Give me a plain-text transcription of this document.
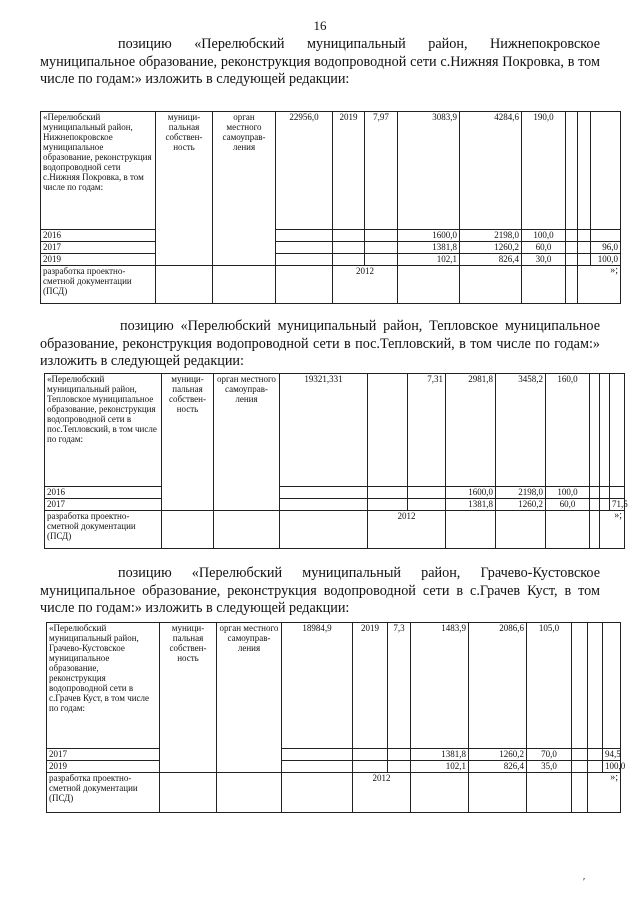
16

позицию «Перелюбский муниципальный район, Нижнепокровское муниципальное образование, реконструкция водопроводной сети с.Нижняя Покровка, в том числе по годам:» изложить в следующей редакции:

позицию «Перелюбский муниципальный район, Тепловское муниципальное образование, реконструкция водопроводной сети в пос.Тепловский, в том числе по годам:» изложить в следующей редакции:

позицию «Перелюбский муниципальный район, Грачево-Кустовское муниципальное образование, реконструкция водопроводной сети в с.Грачев Куст, в том числе по годам:» изложить в следующей редакции:

«Перелюбский муниципальный район, Нижнепокровское муниципальное образование, реконструкция водопроводной сети с.Нижняя Покровка, в том числе по годам:	муници-пальная собствен-ность	орган местного самоуправ-ления	22956,0	2019	7,97	3083,9	4284,6	190,0			
2016						1600,0	2198,0	100,0			
2017						1381,8	1260,2	60,0			96,0
2019						102,1	826,4	30,0			100,0
разработка проектно-сметной документации (ПСД)				2012						»;	
«Перелюбский муниципальный район, Тепловское муниципальное образование, реконструкция водопроводной сети в пос.Тепловский, в том числе по годам:	муници-пальная собствен-ность	орган местного самоуправ-ления	19321,331		7,31	2981,8	3458,2	160,0			
2016						1600,0	2198,0	100,0			
2017						1381,8	1260,2	60,0			71,5
разработка проектно-сметной документации (ПСД)				2012						»;	
«Перелюбский муниципальный район, Грачево-Кустовское муниципальное образование, реконструкция водопроводной сети в с.Грачев Куст, в том числе по годам:	муници-пальная собствен-ность	орган местного самоуправ-ления	18984,9	2019	7,3	1483,9	2086,6	105,0			
2017						1381,8	1260,2	70,0			94,5
2019						102,1	826,4	35,0			100,0
разработка проектно-сметной документации (ПСД)				2012						»;	
ʹ
